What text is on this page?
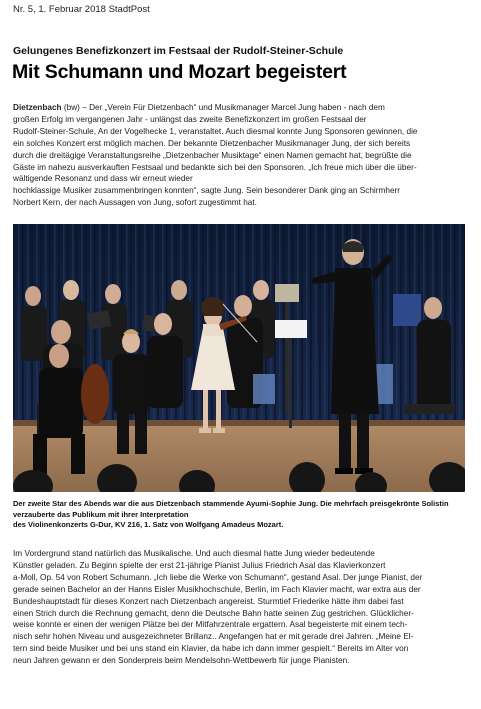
Nr. 5, 1. Februar 2018 StadtPost
Gelungenes Benefizkonzert im Festsaal der Rudolf-Steiner-Schule
Mit Schumann und Mozart begeistert

Dietzenbach (bw) – Der „Verein Für Dietzenbach“ und Musikmanager Marcel Jung haben - nach dem

großen Erfolg im vergangenen Jahr - unlängst das zweite Benefizkonzert im großen Festsaal der

Rudolf-Steiner-Schule, An der Vogelhecke 1, veranstaltet. Auch diesmal konnte Jung Sponsoren gewinnen, die

ein solches Konzert erst möglich machen. Der bekannte Dietzenbacher Musikmanager Jung, der sich bereits

durch die dreitägige Veranstaltungsreihe „Dietzenbacher Musiktage“ einen Namen gemacht hat, begrüßte die

Gäste im nahezu ausverkauften Festsaal und bedankte sich bei den Sponsoren. „Ich freue mich über die über-

wältigende Resonanz und dass wir erneut wieder

hochklassige Musiker zusammenbringen konnten“, sagte Jung. Sein besonderer Dank ging an Schirmherr

Norbert Kern, der nach Aussagen von Jung, sofort zugestimmt hat.

Der zweite Star des Abends war die aus Dietzenbach stammende Ayumi-Sophie Jung. Die mehrfach preisgekrönte Solistin

verzauberte das Publikum mit ihrer Interpretation

des Violinenkonzerts G-Dur, KV 216, 1. Satz von Wolfgang Amadeus Mozart.

Im Vordergrund stand natürlich das Musikalische. Und auch diesmal hatte Jung wieder bedeutende

Künstler geladen. Zu Beginn spielte der erst 21-jährige Pianist Julius Friedrich Asal das Klavierkonzert

a-Moll, Op. 54 von Robert Schumann. „Ich liebe die Werke von Schumann“, gestand Asal. Der junge Pianist, der

gerade seinen Bachelor an der Hanns Eisler Musikhochschule, Berlin, im Fach Klavier macht, war extra aus der

Bundeshauptstadt für dieses Konzert nach Dietzenbach angereist. Sturmtief Friederike hätte ihm dabei fast

einen Strich durch die Rechnung gemacht, denn die Deutsche Bahn hatte seinen Zug gestrichen. Glücklicher-

weise konnte er einen der wenigen Plätze bei der Mitfahrzentrale ergattern. Asal begeisterte mit einem tech-

nisch sehr hohen Niveau und ausgezeichneter Brillanz.. Angefangen hat er mit gerade drei Jahren. „Meine El-

tern sind beide Musiker und bei uns stand ein Klavier, da habe ich dann immer gespielt.“ Bereits im Alter von

neun Jahren gewann er den Sonderpreis beim Mendelsohn-Wettbewerb für junge Pianisten.
